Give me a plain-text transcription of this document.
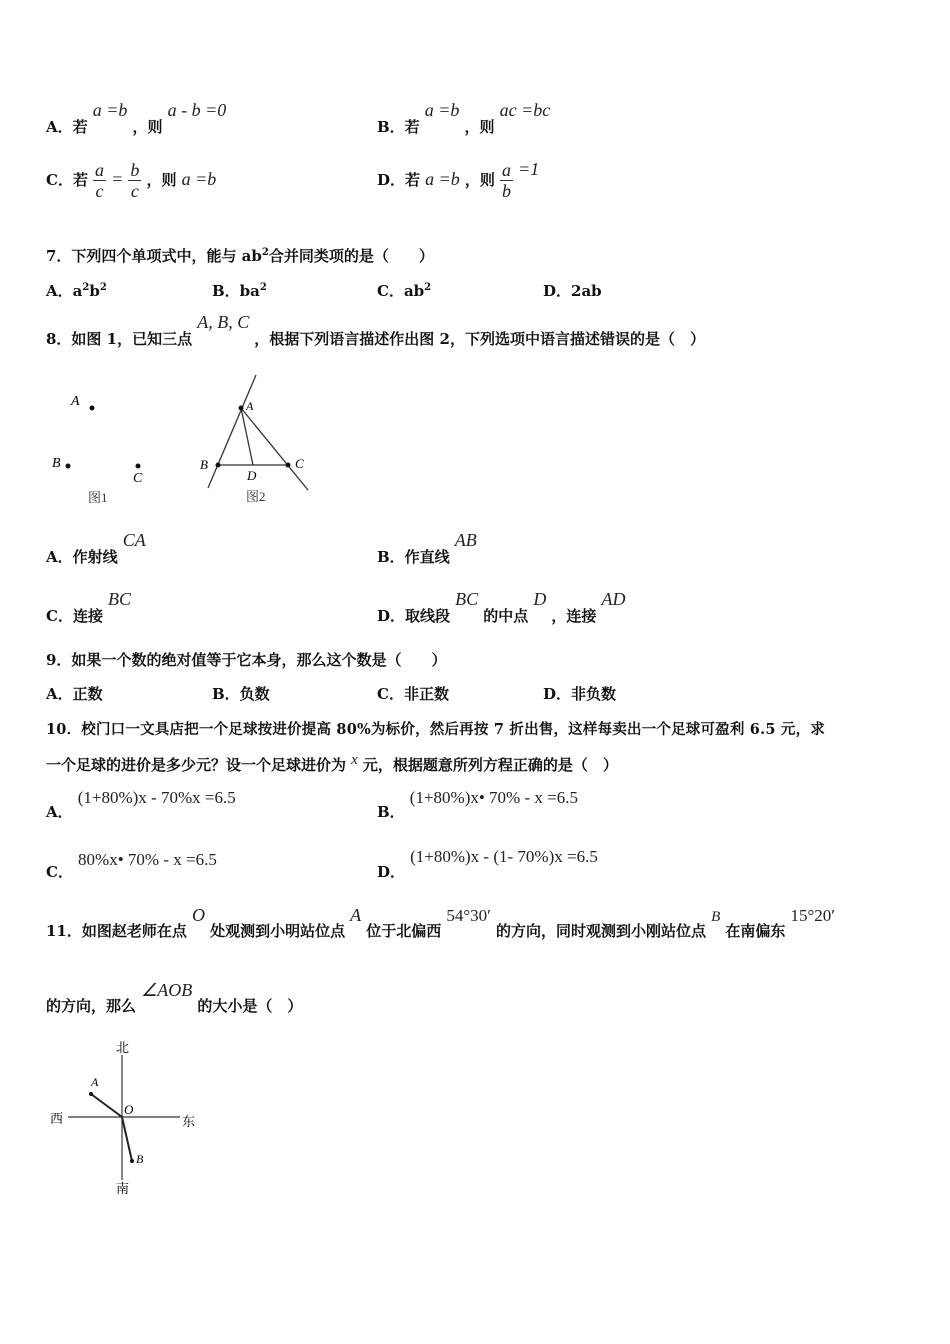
A．若 a =b ，则 a - b =0
B．若 a =b ，则 ac =bc
C．若 $\frac{a}{c} = \frac{b}{c}$ ，则 a =b	D．若 a =b ，则 $\frac{a}{b} =1$
7．下列四个单项式中，能与 $ab^2$合并同类项的是（　　）
A．$a^2b^2$	B．$ba^2$	C．$ab^2$	D．2ab
8．如图 1，已知三点 A, B, C ，根据下列语言描述作出图 2，下列选项中语言描述错误的是（　）
A
B
C
图1
A
B
D
C
图2
A．作射线 CA
B．作直线 AB
C．连接 BC
D．取线段 BC 的中点 D ，连接 AD
9．如果一个数的绝对值等于它本身，那么这个数是（　　）
A．正数	B．负数	C．非正数	D．非负数
10．校门口一文具店把一个足球按进价提高 80%为标价，然后再按 7 折出售，这样每卖出一个足球可盈利 6.5 元，求
一个足球的进价是多少元？设一个足球进价为 x 元，根据题意所列方程正确的是（　）
A． (1+80%)x - 70%x =6.5
B． (1+80%)x• 70% - x =6.5
C． 80%x• 70% - x =6.5
D． (1+80%)x - (1- 70%)x =6.5
11．如图赵老师在点 O 处观测到小明站位点 A 位于北偏西 54°30′ 的方向，同时观测到小刚站位点 B 在南偏东 15°20′
的方向，那么 ∠AOB 的大小是（　）
北
南
西	东
A
O
B
